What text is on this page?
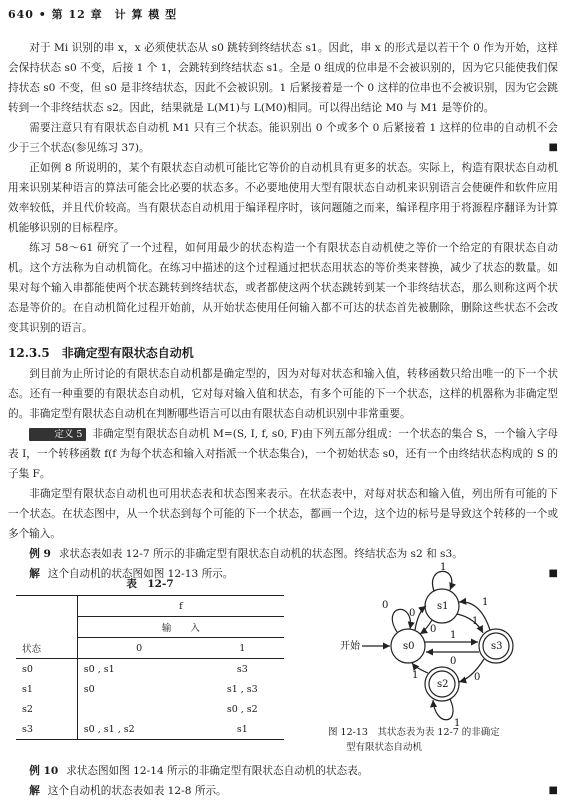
640 • 第 12 章　计 算 模 型

对于 Mi 识别的串 x，x 必须使状态从 s0 跳转到终结状态 s1。因此，串 x 的形式是以若干个 0 作为开始，这样会保持状态 s0 不变，后接 1 个 1，会跳转到终结状态 s1。全是 0 组成的位串是不会被识别的，因为它只能使我们保持状态 s0 不变，但 s0 是非终结状态，因此不会被识别。1 后紧接着是一个 0 这样的位串也不会被识别，因为它会跳转到一个非终结状态 s2。因此，结果就是 L(M1)与 L(M0)相同。可以得出结论 M0 与 M1 是等价的。

需要注意只有有限状态自动机 M1 只有三个状态。能识别出 0 个或多个 0 后紧接着 1 这样的位串的自动机不会少于三个状态(参见练习 37)。	■

正如例 8 所说明的，某个有限状态自动机可能比它等价的自动机具有更多的状态。实际上，构造有限状态自动机用来识别某种语言的算法可能会比必要的状态多。不必要地使用大型有限状态自动机来识别语言会使硬件和软件应用效率较低，并且代价较高。当有限状态自动机用于编译程序时，该问题随之而来，编译程序用于将源程序翻译为计算机能够识别的目标程序。

练习 58～61 研究了一个过程，如何用最少的状态构造一个有限状态自动机使之等价一个给定的有限状态自动机。这个方法称为自动机简化。在练习中描述的这个过程通过把状态用状态的等价类来替换，减少了状态的数量。如果对每个输入串都能使两个状态跳转到终结状态，或者都使这两个状态跳转到某一个非终结状态，那么则称这两个状态是等价的。在自动机简化过程开始前，从开始状态使用任何输入都不可达的状态首先被删除，删除这些状态不会改变其识别的语言。

12.3.5　非确定型有限状态自动机

到目前为止所讨论的有限状态自动机都是确定型的，因为对每对状态和输入值，转移函数只给出唯一的下一个状态。还有一种重要的有限状态自动机，它对每对输入值和状态，有多个可能的下一个状态，这样的机器称为非确定型的。非确定型有限状态自动机在判断哪些语言可以由有限状态自动机识别中非常重要。

定义 5 非确定型有限状态自动机 M=(S, I, f, s0, F)由下列五部分组成：一个状态的集合 S，一个输入字母表 I，一个转移函数 f(f 为每个状态和输入对指派一个状态集合)，一个初始状态 s0，还有一个由终结状态构成的 S 的子集 F。

非确定型有限状态自动机也可用状态表和状态图来表示。在状态表中，对每对状态和输入值，列出所有可能的下一个状态。在状态图中，从一个状态到每个可能的下一个状态，都画一个边，这个边的标号是导致这个转移的一个或多个输入。

例 9 求状态表如表 12-7 所示的非确定型有限状态自动机的状态图。终结状态为 s2 和 s3。

解 这个自动机的状态图如图 12-13 所示。	■

表　12-7
	f	
	输　　入	
状态	0	1
s0	s0 , s1	s3
s1	s0	s1 , s3
s2		s0 , s2
s3	s0 , s1 , s2	s1
开始	s0
s1
s2
s3
0
1
1
0
0
1
1
1
0
1	0
图 12-13　其状态表为表 12-7 的非确定
型有限状态自动机

例 10 求状态图如图 12-14 所示的非确定型有限状态自动机的状态表。

解 这个自动机的状态表如表 12-8 所示。	■
